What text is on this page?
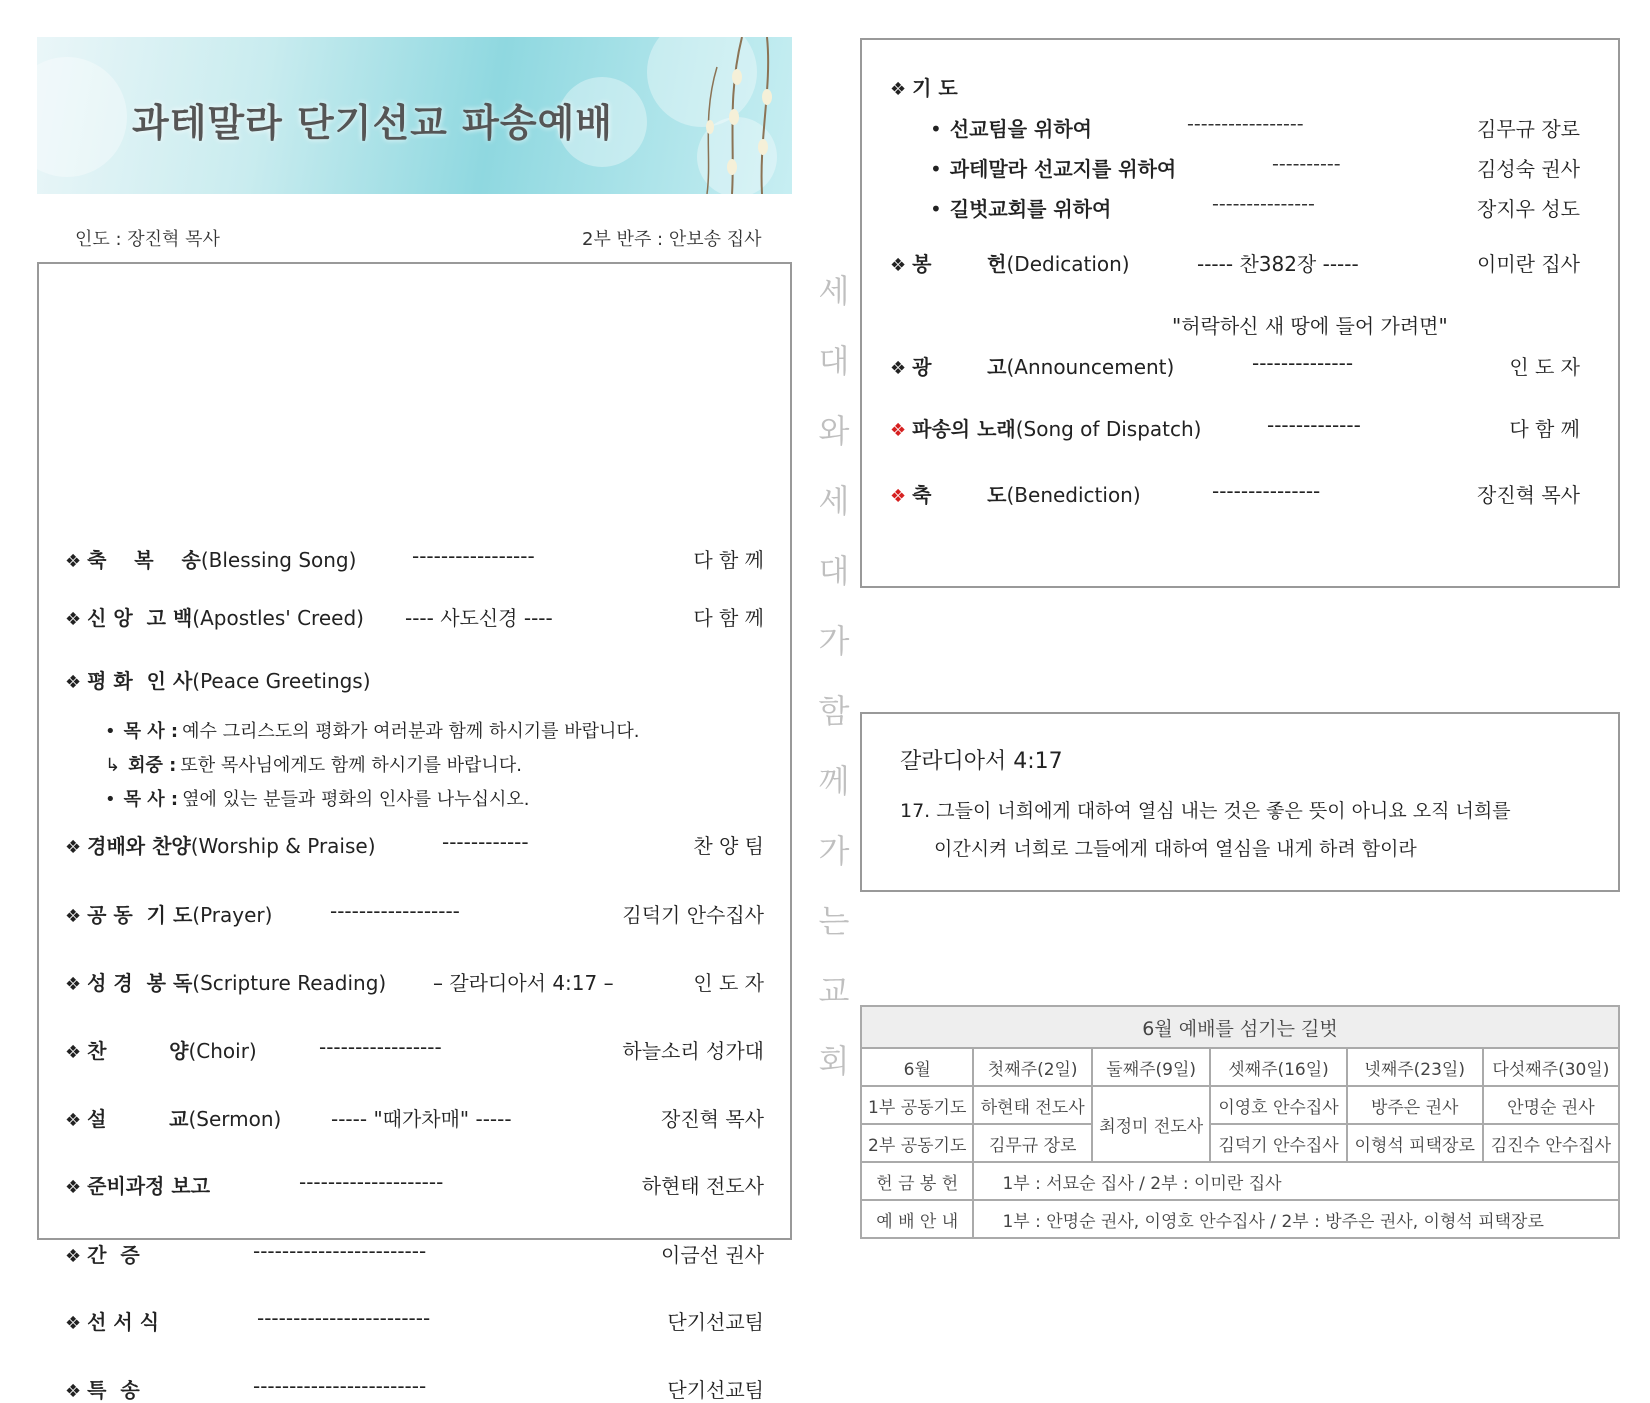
과테말라 단기선교 파송예배
인도 : 장진혁 목사	2부 반주 : 안보송 집사
❖ 축    복    송(Blessing Song)	-----------------	다 함 께
❖ 신 앙  고 백(Apostles' Creed) ---- 사도신경 ----	다 함 께
❖ 평 화  인 사(Peace Greetings)
❖ 경배와 찬양(Worship & Praise)	------------	찬 양 팀
❖ 공 동  기 도(Prayer)	------------------	김덕기 안수집사
❖ 성 경  봉 독(Scripture Reading) – 갈라디아서 4:17 –	인 도 자
❖ 찬         양(Choir)	-----------------	하늘소리 성가대
❖ 설         교(Sermon) ----- "때가차매" -----	장진혁 목사
❖ 준비과정 보고	--------------------	하현태 전도사
❖ 간  증	------------------------	이금선 권사
❖ 선 서 식	------------------------	단기선교팀
❖ 특  송	------------------------	단기선교팀
• 목 사 : 예수 그리스도의 평화가 여러분과 함께 하시기를 바랍니다.
↳ 회중 : 또한 목사님에게도 함께 하시기를 바랍니다.
• 목 사 : 옆에 있는 분들과 평화의 인사를 나누십시오.
세
대
와
세
대
가
함
께
가
는
교
회
❖ 기 도
• 선교팀을 위하여	-----------------	김무규 장로
• 과테말라 선교지를 위하여	----------	김성숙 권사
• 길벗교회를 위하여	---------------	장지우 성도
"허락하신 새 땅에 들어 가려면"
❖ 봉        헌(Dedication)	----- 찬382장 -----	이미란 집사
❖ 광        고(Announcement)	--------------	인 도 자
❖ 파송의 노래(Song of Dispatch)	-------------	다 함 께
❖ 축        도(Benediction)	---------------	장진혁 목사
갈라디아서 4:17
17. 그들이 너희에게 대하여 열심 내는 것은 좋은 뜻이 아니요 오직 너희를
이간시켜 너희로 그들에게 대하여 열심을 내게 하려 함이라
6월 예배를 섬기는 길벗					
6월	첫째주(2일)	둘째주(9일)	셋째주(16일)	넷째주(23일)	다섯째주(30일)
1부 공동기도	하현태 전도사	최정미 전도사	이영호 안수집사	방주은 권사	안명순 권사
2부 공동기도	김무규 장로		김덕기 안수집사	이형석 피택장로	김진수 안수집사
헌 금 봉 헌	1부 : 서묘순 집사 / 2부 : 이미란 집사				
예 배 안 내	1부 : 안명순 권사, 이영호 안수집사 / 2부 : 방주은 권사, 이형석 피택장로				
